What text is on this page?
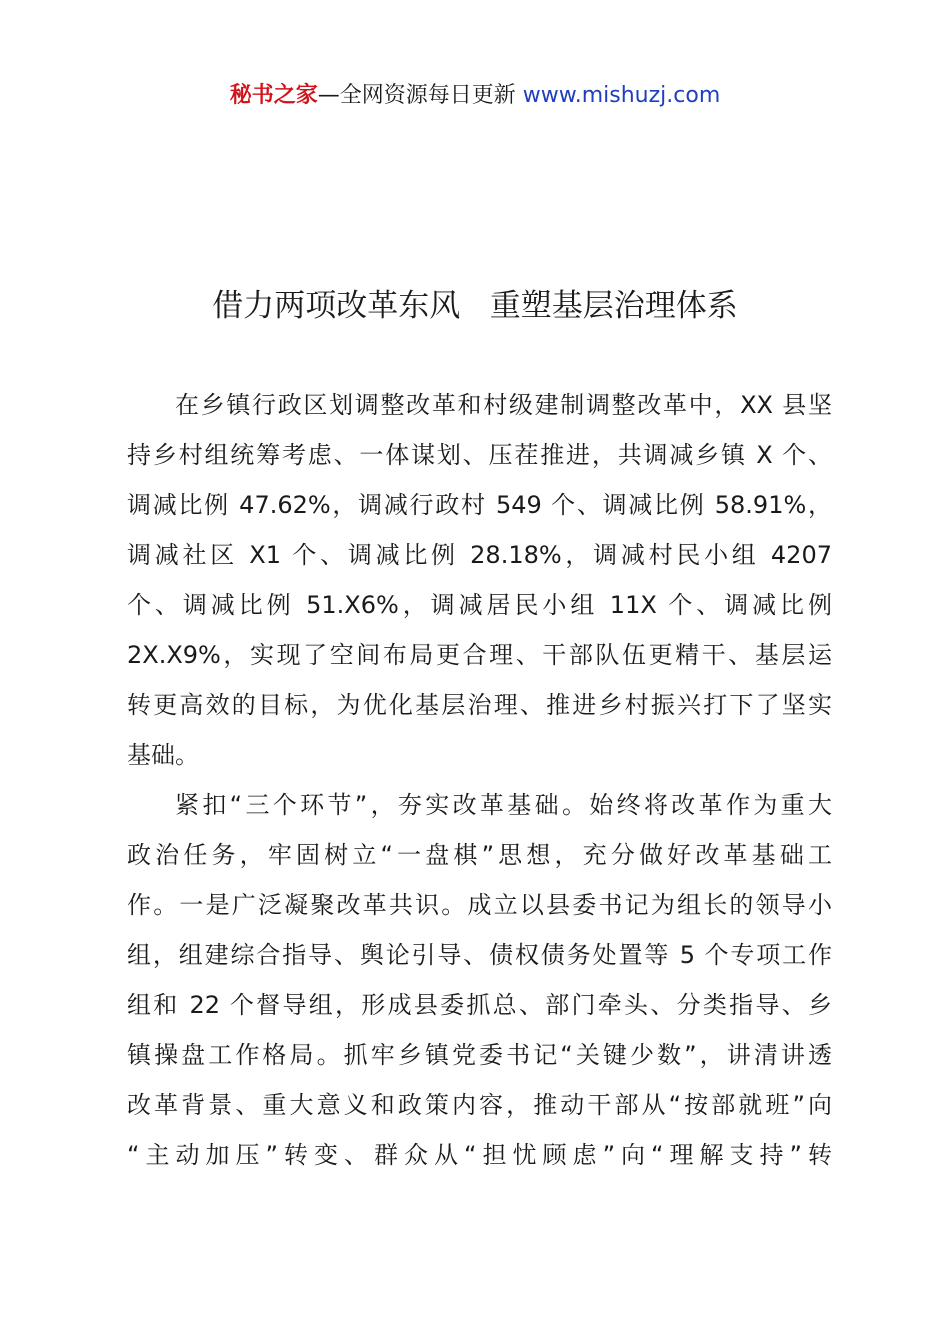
秘书之家—全网资源每日更新 www.mishuzj.com
借力两项改革东风   重塑基层治理体系
在乡镇行政区划调整改革和村级建制调整改革中，XX 县坚
持乡村组统筹考虑、一体谋划、压茬推进，共调减乡镇 X 个、
调减比例 47.62%，调减行政村 549 个、调减比例 58.91%，
调减社区 X1 个、调减比例 28.18%，调减村民小组 4207
个、调减比例 51.X6%，调减居民小组 11X 个、调减比例
2X.X9%，实现了空间布局更合理、干部队伍更精干、基层运
转更高效的目标，为优化基层治理、推进乡村振兴打下了坚实
基础。
紧扣“三个环节”，夯实改革基础。始终将改革作为重大
政治任务，牢固树立“一盘棋”思想，充分做好改革基础工
作。一是广泛凝聚改革共识。成立以县委书记为组长的领导小
组，组建综合指导、舆论引导、债权债务处置等 5 个专项工作
组和 22 个督导组，形成县委抓总、部门牵头、分类指导、乡
镇操盘工作格局。抓牢乡镇党委书记“关键少数”，讲清讲透
改革背景、重大意义和政策内容，推动干部从“按部就班”向
“主动加压”转变、群众从“担忧顾虑”向“理解支持”转
